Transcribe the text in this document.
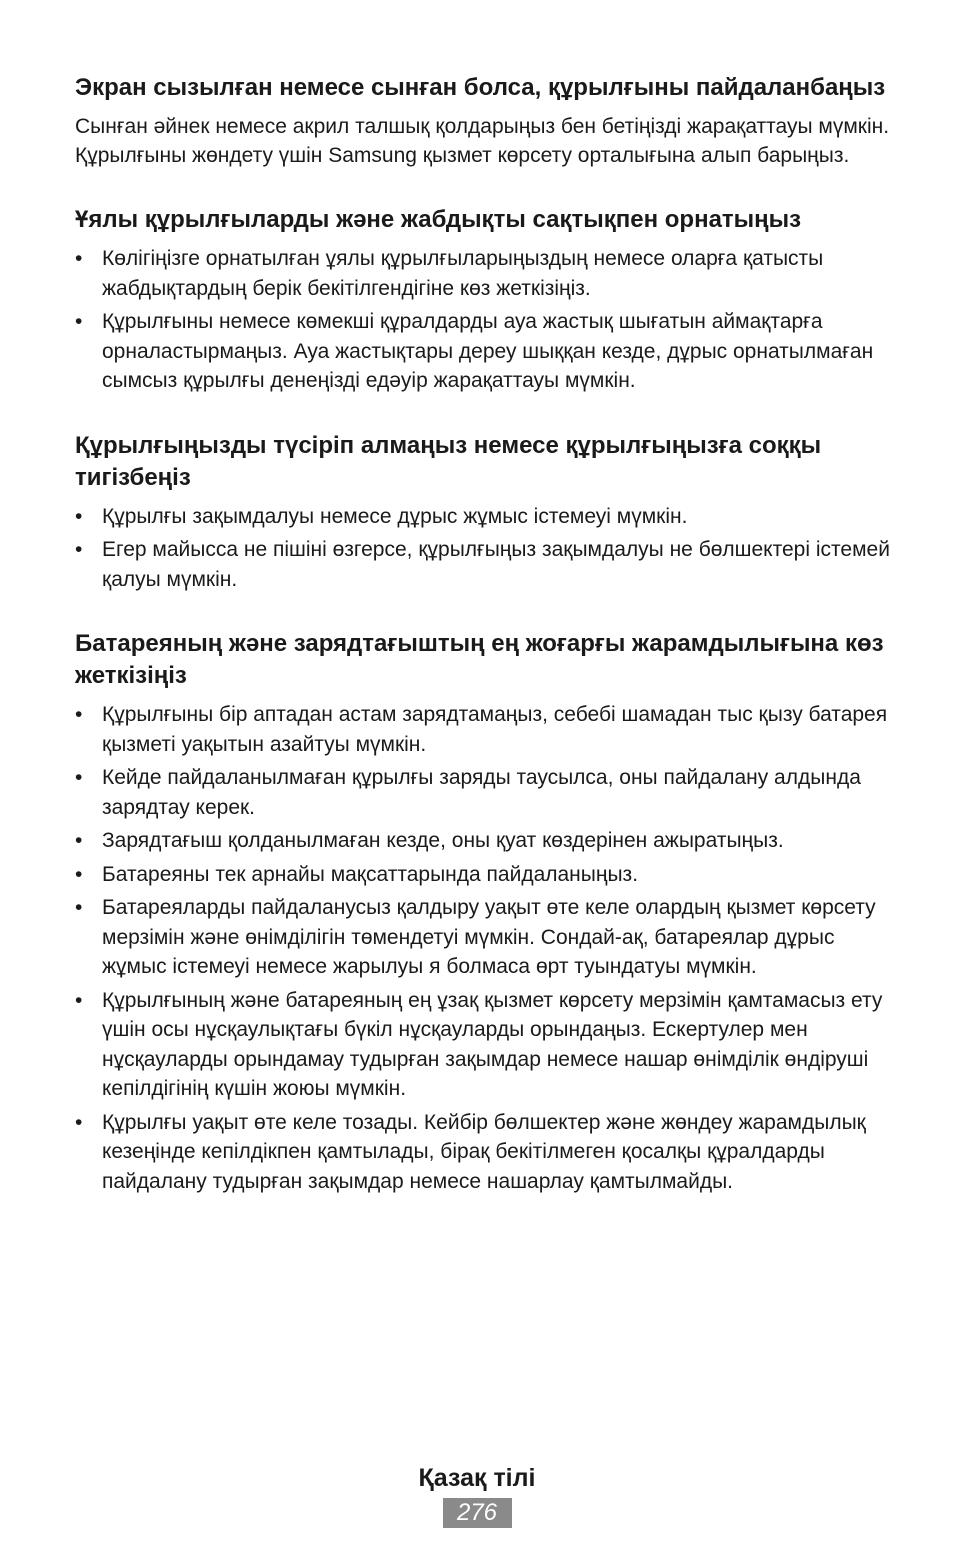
Экран сызылған немесе сынған болса, құрылғыны пайдаланбаңыз

Сынған әйнек немесе акрил талшық қолдарыңыз бен бетіңізді жарақаттауы мүмкін. Құрылғыны жөндету үшін Samsung қызмет көрсету орталығына алып барыңыз.

Ұялы құрылғыларды және жабдықты сақтықпен орнатыңыз
• Көлігіңізге орнатылған ұялы құрылғыларыңыздың немесе оларға қатысты жабдықтардың берік бекітілгендігіне көз жеткізіңіз.
• Құрылғыны немесе көмекші құралдарды ауа жастық шығатын аймақтарға орналастырмаңыз. Ауа жастықтары дереу шыққан кезде, дұрыс орнатылмаған сымсыз құрылғы денеңізді едәуір жарақаттауы мүмкін.
Құрылғыңызды түсіріп алмаңыз немесе құрылғыңызға соққы тигізбеңіз
• Құрылғы зақымдалуы немесе дұрыс жұмыс істемеуі мүмкін.
• Егер майысса не пішіні өзгерсе, құрылғыңыз зақымдалуы не бөлшектері істемей қалуы мүмкін.
Батареяның және зарядтағыштың ең жоғарғы жарамдылығына көз жеткізіңіз
• Құрылғыны бір аптадан астам зарядтамаңыз, себебі шамадан тыс қызу батарея қызметі уақытын азайтуы мүмкін.
• Кейде пайдаланылмаған құрылғы заряды таусылса, оны пайдалану алдында зарядтау керек.
• Зарядтағыш қолданылмаған кезде, оны қуат көздерінен ажыратыңыз.
• Батареяны тек арнайы мақсаттарында пайдаланыңыз.
• Батареяларды пайдаланусыз қалдыру уақыт өте келе олардың қызмет көрсету мерзімін және өнімділігін төмендетуі мүмкін. Сондай-ақ, батареялар дұрыс жұмыс істемеуі немесе жарылуы я болмаса өрт туындатуы мүмкін.
• Құрылғының және батареяның ең ұзақ қызмет көрсету мерзімін қамтамасыз ету үшін осы нұсқаулықтағы бүкіл нұсқауларды орындаңыз. Ескертулер мен нұсқауларды орындамау тудырған зақымдар немесе нашар өнімділік өндіруші кепілдігінің күшін жоюы мүмкін.
• Құрылғы уақыт өте келе тозады. Кейбір бөлшектер және жөндеу жарамдылық кезеңінде кепілдікпен қамтылады, бірақ бекітілмеген қосалқы құралдарды пайдалану тудырған зақымдар немесе нашарлау қамтылмайды.
Қазақ тілі
276
